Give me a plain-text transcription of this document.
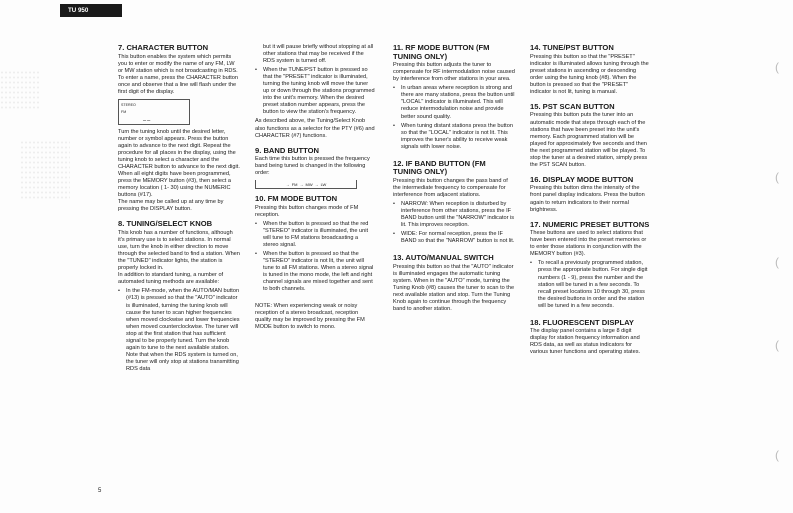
TU 950
7. CHARACTER BUTTON

This button enables the system which permits you to enter or modify the name of any FM, LW or MW station which is not broadcasting in RDS.

To enter a name, press the CHARACTER button once and observe that a line will flash under the first digit of the display.

STEREO
FM
▁▁

Turn the tuning knob until the desired letter, number or symbol appears. Press the button again to advance to the next digit. Repeat the procedure for all places in the display, using the tuning knob to select a character and the CHARACTER button to advance to the next digit.

When all eight digits have been programmed, press the MEMORY button (#3), then select a memory location ( 1- 30) using the NUMERIC buttons (#17).

The name may be called up at any time by pressing the DISPLAY button.

8. TUNING/SELECT KNOB

This knob has a number of functions, although it's primary use is to select stations. In normal use, turn the knob in either direction to move through the selected band to find a station. When the "TUNED" indicator lights, the station is properly locked in.

In addition to standard tuning, a number of automated tuning methods are available:

• In the FM-mode, when the AUTO/MAN button (#13) is pressed so that the "AUTO" indicator is illuminated, turning the tuning knob will cause the tuner to scan higher frequencies when moved clockwise and lower frequencies when moved counterclockwise. The tuner will stop at the first station that has sufficient signal to be properly tuned. Turn the knob again to tune to the next available station. Note that when the RDS system is turned on, the tuner will only stop at stations transmitting RDS data

but it will pause briefly without stopping at all other stations that may be received if the RDS system is turned off.

• When the TUNE/PST button is pressed so that the "PRESET" indicator is illuminated, turning the tuning knob will move the tuner up or down through the stations programmed into the unit's memory. When the desired preset station number appears, press the button to view the station's frequency.

As described above, the Tuning/Select Knob also functions as a selector for the PTY (#6) and CHARACTER (#7) functions.

9. BAND BUTTON

Each time this button is pressed the frequency band being tuned is changed in the following order:

→ FM → MW → LW
10. FM MODE BUTTON

Pressing this button changes mode of FM reception.

• When the button is pressed so that the red "STEREO" indicator is illuminated, the unit will tune to FM stations broadcasting a stereo signal.
• When the button is pressed so that the "STEREO" indicator is not lit, the unit will tune to all FM stations. When a stereo signal is tuned in the mono mode, the left and right channel signals are mixed together and sent to both channels.

NOTE: When experiencing weak or noisy reception of a stereo broadcast, reception quality may be improved by pressing the FM MODE button to switch to mono.

11. RF MODE BUTTON (FM TUNING ONLY)

Pressing this button adjusts the tuner to compensate for RF intermodulation noise caused by interference from other stations in your area.

• In urban areas where reception is strong and there are many stations, press the button until "LOCAL" indicator is illuminated. This will reduce intermodulation noise and provide better sound quality.
• When tuning distant stations press the button so that the "LOCAL" indicator is not lit. This improves the tuner's ability to receive weak signals with lower noise.
12. IF BAND BUTTON (FM TUNING ONLY)

Pressing this button changes the pass band of the intermediate frequency to compensate for interference from adjacent stations.

• NARROW: When reception is disturbed by interference from other stations, press the IF BAND button until the "NARROW" indicator is lit. This improves reception.
• WIDE: For normal reception, press the IF BAND so that the "NARROW" button is not lit.
13. AUTO/MANUAL SWITCH

Pressing this button so that the "AUTO" indicator is illuminated engages the automatic tuning system. When in the "AUTO" mode, turning the Tuning Knob (#8) causes the tuner to scan to the next available station and stop. Turn the Tuning Knob again to continue through the frequency band to another station.

14. TUNE/PST BUTTON

Pressing this button so that the "PRESET" indicator is illuminated allows tuning through the preset stations in ascending or descending order using the tuning knob (#8). When the button is pressed so that the "PRESET" indicator is not lit, tuning is manual.

15. PST SCAN BUTTON

Pressing this button puts the tuner into an automatic mode that steps through each of the stations that have been preset into the unit's memory. Each programmed station will be played for approximately five seconds and then the next programmed station will be played. To stop the tuner at a desired station, simply press the PST SCAN button.

16. DISPLAY MODE BUTTON

Pressing this button dims the intensity of the front panel display indicators. Press the button again to return indicators to their normal brightness.

17. NUMERIC PRESET BUTTONS

These buttons are used to select stations that have been entered into the preset memories or to enter those stations in conjunction with the MEMORY button (#3).

• To recall a previously programmed station, press the appropriate button. For single digit numbers (1 - 9), press the number and the station will be tuned in a few seconds. To recall preset locations 10 through 30, press the desired buttons in order and the station will be tuned in a few seconds.
18. FLUORESCENT DISPLAY

The display panel contains a large 8 digit display for station frequency information and RDS data, as well as status indicators for various tuner functions and operating states.

(
(
(
(
(
5
